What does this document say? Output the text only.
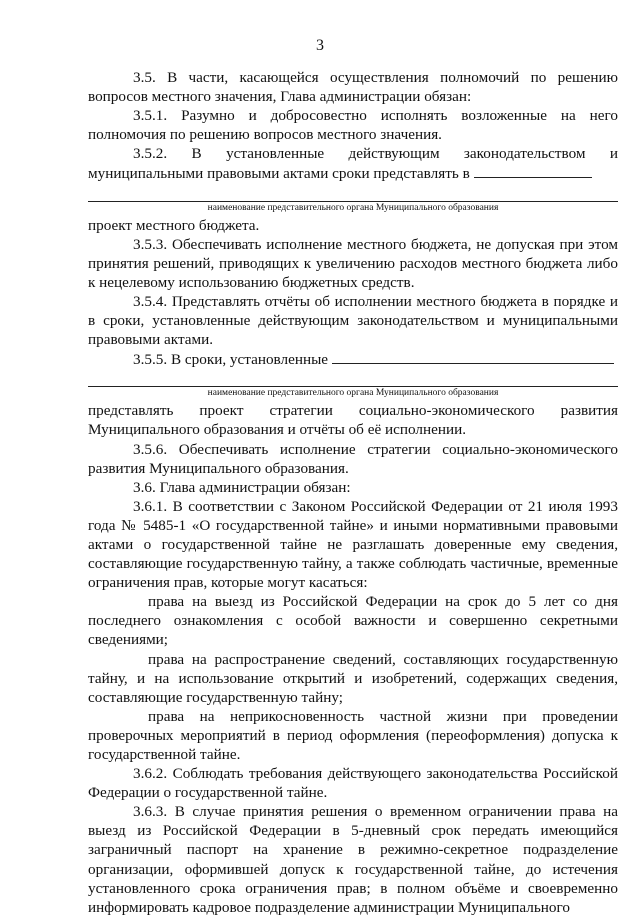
3

3.5. В части, касающейся осуществления полномочий по решению вопросов местного значения, Глава администрации обязан:

3.5.1. Разумно и добросовестно исполнять возложенные на него полномочия по решению вопросов местного значения.

3.5.2. В установленные действующим законодательством и муниципальными правовыми актами сроки представлять в

наименование представительного органа Муниципального образования

проект местного бюджета.

3.5.3. Обеспечивать исполнение местного бюджета, не допуская при этом принятия решений, приводящих к увеличению расходов местного бюджета либо к нецелевому использованию бюджетных средств.

3.5.4. Представлять отчёты об исполнении местного бюджета в порядке и в сроки, установленные действующим законодательством и муниципальными правовыми актами.

3.5.5. В сроки, установленные

наименование представительного органа Муниципального образования

представлять проект стратегии социально-экономического развития Муниципального образования и отчёты об её исполнении.

3.5.6. Обеспечивать исполнение стратегии социально-экономического развития Муниципального образования.

3.6. Глава администрации обязан:

3.6.1. В соответствии с Законом Российской Федерации от 21 июля 1993 года № 5485-1 «О государственной тайне» и иными нормативными правовыми актами о государственной тайне не разглашать доверенные ему сведения, составляющие государственную тайну, а также соблюдать частичные, временные ограничения прав, которые могут касаться:

права на выезд из Российской Федерации на срок до 5 лет со дня последнего ознакомления с особой важности и совершенно секретными сведениями;

права на распространение сведений, составляющих государственную тайну, и на использование открытий и изобретений, содержащих сведения, составляющие государственную тайну;

права на неприкосновенность частной жизни при проведении проверочных мероприятий в период оформления (переоформления) допуска к государственной тайне.

3.6.2. Соблюдать требования действующего законодательства Российской Федерации о государственной тайне.

3.6.3. В случае принятия решения о временном ограничении права на выезд из Российской Федерации в 5-дневный срок передать имеющийся заграничный паспорт на хранение в режимно-секретное подразделение организации, оформившей допуск к государственной тайне, до истечения установленного срока ограничения прав; в полном объёме и своевременно информировать кадровое подразделение администрации Муниципального
